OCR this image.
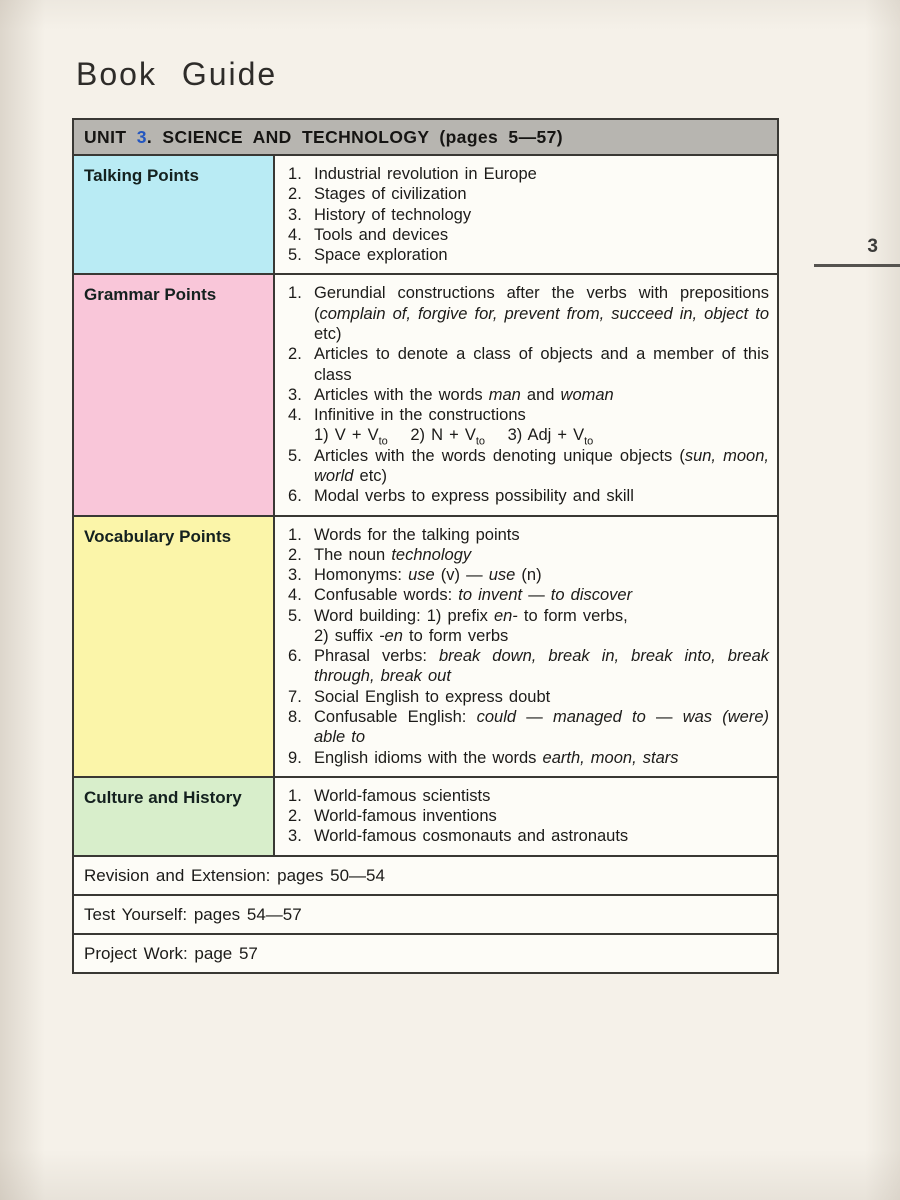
Book Guide
3
UNIT 3. SCIENCE AND TECHNOLOGY (pages 5—57)
Talking Points	Industrial revolution in Europe
Stages of civilization
History of technology
Tools and devices
Space exploration
Grammar Points	Gerundial constructions after the verbs with prepositions (complain of, forgive for, prevent from, succeed in, object to etc)
Articles to denote a class of objects and a member of this class
Articles with the words man and woman
Infinitive in the constructions
1) $V + V_{to}$  2) $N + V_{to}$  3) Adj + $V_{to}$
Articles with the words denoting unique objects (sun, moon, world etc)
Modal verbs to express possibility and skill
Vocabulary Points	Words for the talking points
The noun technology
Homonyms: use (v) — use (n)
Confusable words: to invent — to discover
Word building: 1) prefix en- to form verbs,
2) suffix -en to form verbs
Phrasal verbs: break down, break in, break into, break through, break out
Social English to express doubt
Confusable English: could — managed to — was (were) able to
English idioms with the words earth, moon, stars
Culture and History	World-famous scientists
World-famous inventions
World-famous cosmonauts and astronauts
Revision and Extension: pages 50—54
Test Yourself: pages 54—57
Project Work: page 57
